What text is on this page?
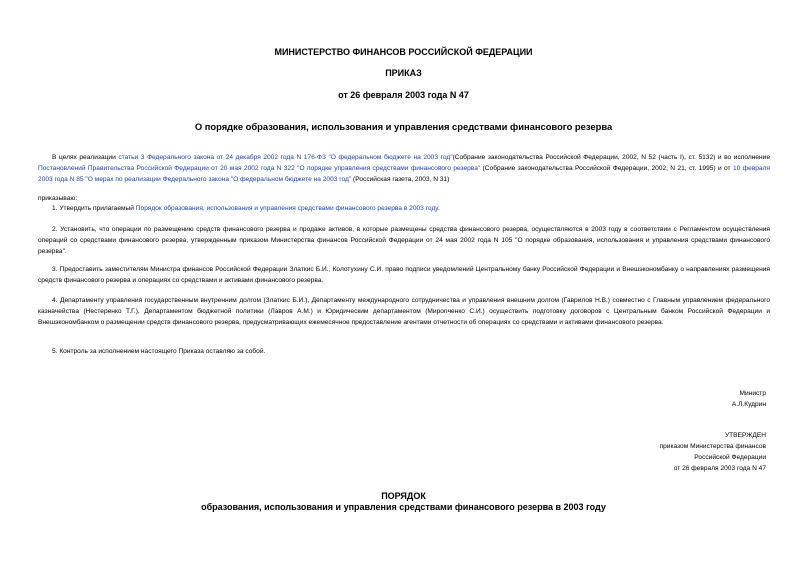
МИНИСТЕРСТВО ФИНАНСОВ РОССИЙСКОЙ ФЕДЕРАЦИИ
ПРИКАЗ
от 26 февраля 2003 года N 47
О порядке образования, использования и управления средствами финансового резерва
В целях реализации статьи 3 Федерального закона от 24 декабря 2002 года N 176-ФЗ "О федеральном бюджете на 2003 год"(Собрание законодательства Российской Федерации, 2002, N 52 (часть I), ст. 5132) и во исполнение Постановлений Правительства Российской Федерации от 20 мая 2002 года N 322 "О порядке управления средствами финансового резерва" (Собрание законодательства Российской Федерации, 2002, N 21, ст. 1995) и от 10 февраля 2003 года N 85 "О мерах по реализации Федерального закона "О федеральном бюджете на 2003 год" (Российская газета, 2003, N 31)
приказываю:
1. Утвердить прилагаемый Порядок образования, использования и управления средствами финансового резерва в 2003 году.
2. Установить, что операции по размещению средств финансового резерва и продаже активов, в которые размещены средства финансового резерва, осуществляются в 2003 году в соответствии с Регламентом осуществления операций со средствами финансового резерва, утвержденным приказом Министерства финансов Российской Федерации от 24 мая 2002 года N 105 "О порядке образования, использования и управления средствами финансового резерва".
3. Предоставить заместителям Министра финансов Российской Федерации Златкис Б.И., Колотухину С.И. право подписи уведомлений Центральному банку Российской Федерации и Внешэкономбанку о направлениях размещения средств финансового резерва и операциях со средствами и активами финансового резерва.
4. Департаменту управления государственным внутренним долгом (Златкис Б.И.), Департаменту международного сотрудничества и управления внешним долгом (Гаврилов Н.В.) совместно с Главным управлением федерального казначейства (Нестеренко Т.Г.), Департаментом бюджетной политики (Лавров А.М.) и Юридическим департаментом (Мирonченко С.И.) осуществить подготовку договоров с Центральным банком Российской Федерации и Внешэкономбанком о размещении средств финансового резерва, предусматривающих ежемесячное предоставление агентами отчетности об операциях со средствами и активами финансового резерва.
5. Контроль за исполнением настоящего Приказа оставляю за собой.
Министр
А.Л.Кудрин
УТВЕРЖДЕН
приказом Министерства финансов
Российской Федерации
от 26 февраля 2003 года N 47
ПОРЯДОК
образования, использования и управления средствами финансового резерва в 2003 году
